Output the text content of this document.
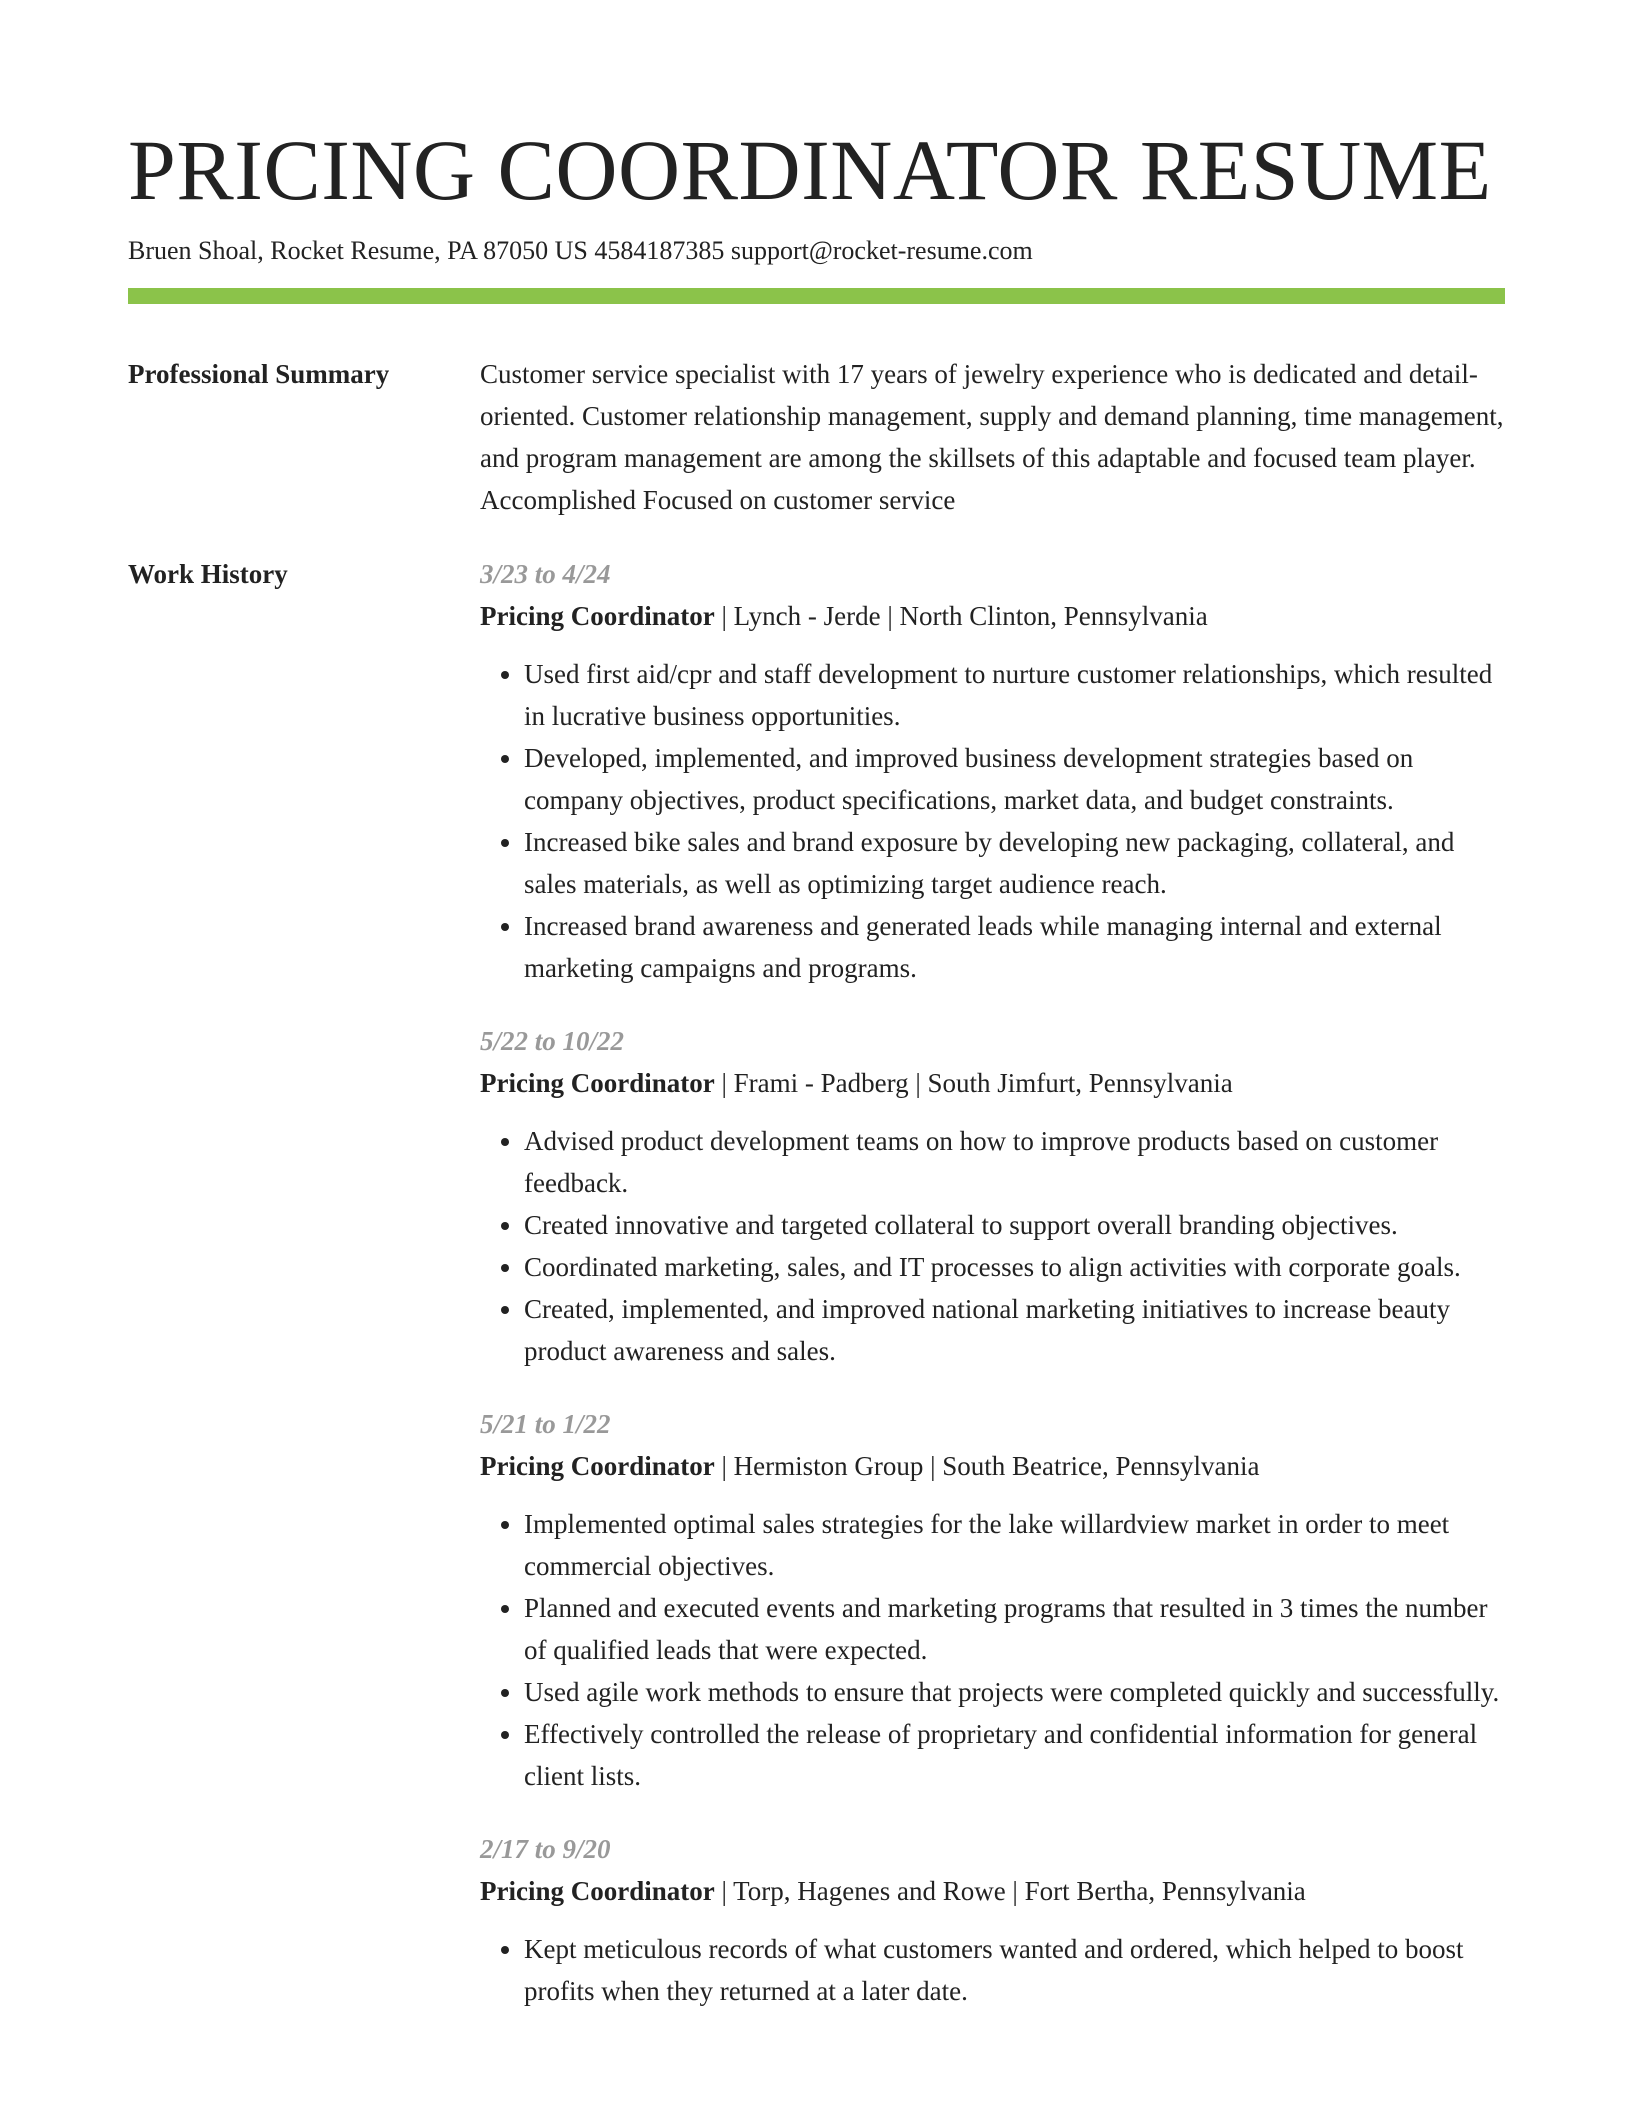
PRICING COORDINATOR RESUME
Bruen Shoal, Rocket Resume, PA 87050 US 4584187385 support@rocket-resume.com
Professional Summary	Customer service specialist with 17 years of jewelry experience who is dedicated and detail-oriented. Customer relationship management, supply and demand planning, time management, and program management are among the skillsets of this adaptable and focused team player. Accomplished Focused on customer service

Work History	3/23 to 4/24
Pricing Coordinator | Lynch - Jerde | North Clinton, Pennsylvania
• Used first aid/cpr and staff development to nurture customer relationships, which resulted in lucrative business opportunities.
• Developed, implemented, and improved business development strategies based on company objectives, product specifications, market data, and budget constraints.
• Increased bike sales and brand exposure by developing new packaging, collateral, and sales materials, as well as optimizing target audience reach.
• Increased brand awareness and generated leads while managing internal and external marketing campaigns and programs.
5/22 to 10/22
Pricing Coordinator | Frami - Padberg | South Jimfurt, Pennsylvania
• Advised product development teams on how to improve products based on customer feedback.
• Created innovative and targeted collateral to support overall branding objectives.
• Coordinated marketing, sales, and IT processes to align activities with corporate goals.
• Created, implemented, and improved national marketing initiatives to increase beauty product awareness and sales.
5/21 to 1/22
Pricing Coordinator | Hermiston Group | South Beatrice, Pennsylvania
• Implemented optimal sales strategies for the lake willardview market in order to meet commercial objectives.
• Planned and executed events and marketing programs that resulted in 3 times the number of qualified leads that were expected.
• Used agile work methods to ensure that projects were completed quickly and successfully.
• Effectively controlled the release of proprietary and confidential information for general client lists.
2/17 to 9/20
Pricing Coordinator | Torp, Hagenes and Rowe | Fort Bertha, Pennsylvania
• Kept meticulous records of what customers wanted and ordered, which helped to boost profits when they returned at a later date.
